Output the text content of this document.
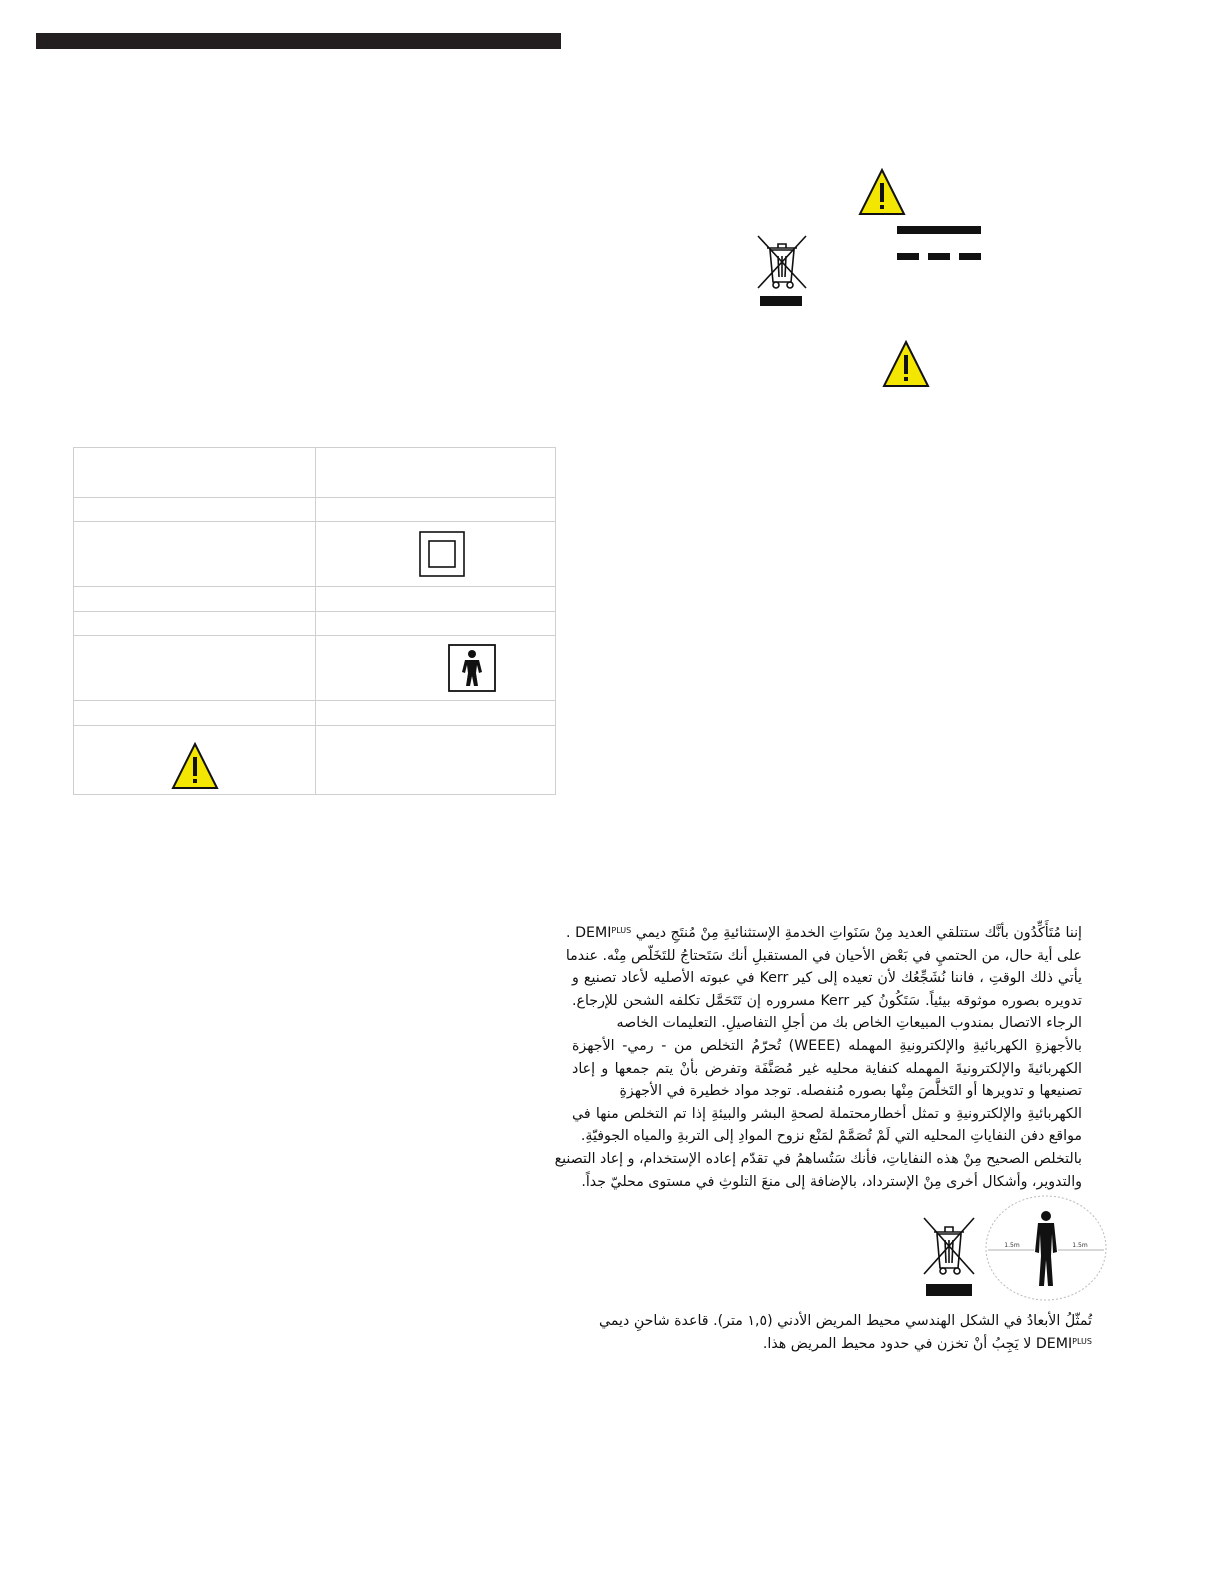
إننا مُتَأَكِّدُون بأنَّك ستتلقي العديد مِنْ سَنَواتِ الخدمةِ الإستثنائيةِ مِنْ مُنتَجِ ديمي . $DEMI^{PLUS}$
على أية حال، من الحتميِ في بَعْض الأحيان في المستقبلِ أنك سَتَحتاجُ للتَخَلّص مِنْه. عندما
يأتي ذلك الوقتِ ، فاننا نُشَجِّعُك لأن تعيده إلى كير Kerr في عبوته الأصليه لأعاد تصنيع و
تدويره بصوره موثوقه بيئياً. سَتَكُونُ كير Kerr مسروره إن تَتَحَمَّل تكلفه الشحن للإرجاع.
الرجاء الاتصال بمندوب المبيعاتِ الخاص بك من أجلِ التفاصيلِ. التعليمات الخاصه
بالأجهزةِ الكهربائيةِ والإلكترونيةِ المهمله (WEEE) تُحرّمُ التخلص من - رمي- الأجهزة
الكهربائيةَ والإلكترونيةَ المهمله كنفاية محليه غير مُصَنَّفَة وتفرض بأنْ يتم جمعها و إعاد
تصنيعها و تدويرها أو التَخلَّصَ مِنْها بصوره مُنفصله. توجد مواد خطيرة في الأجهزةِ
الكهربائيةِ والإلكترونيةِ و تمثل أخطارمحتملة لصحةِ البشر والبيئةِ إذا تم التخلص منها في
مواقع دفن النفاياتِ المحليه التي لَمْ تُصَمَّمْ لمَنْع نزوح الموادِ إلى التربةِ والمياه الجوفيّةِ.
بالتخلص الصحيح مِنْ هذه النفاياتِ، فأنك سَتُساهمُ في تقدّم إعاده الإستخدام، و إعاد التصنيع
والتدوير، وأشكال أخرى مِنْ الإسترداد، بالإضافة إلى منعَ التلوثِ في مستوى محليّ جداً.
1.5m	1.5m
تُمثّلُ الأبعادُ في الشكل الهندسي محيط المريض الأدني (١,٥ متر). قاعدة شاحنِ ديمي
$DEMI^{PLUS}$ لا يَجِبُ أنْ تخزن في حدود محيط المريض هذا.
